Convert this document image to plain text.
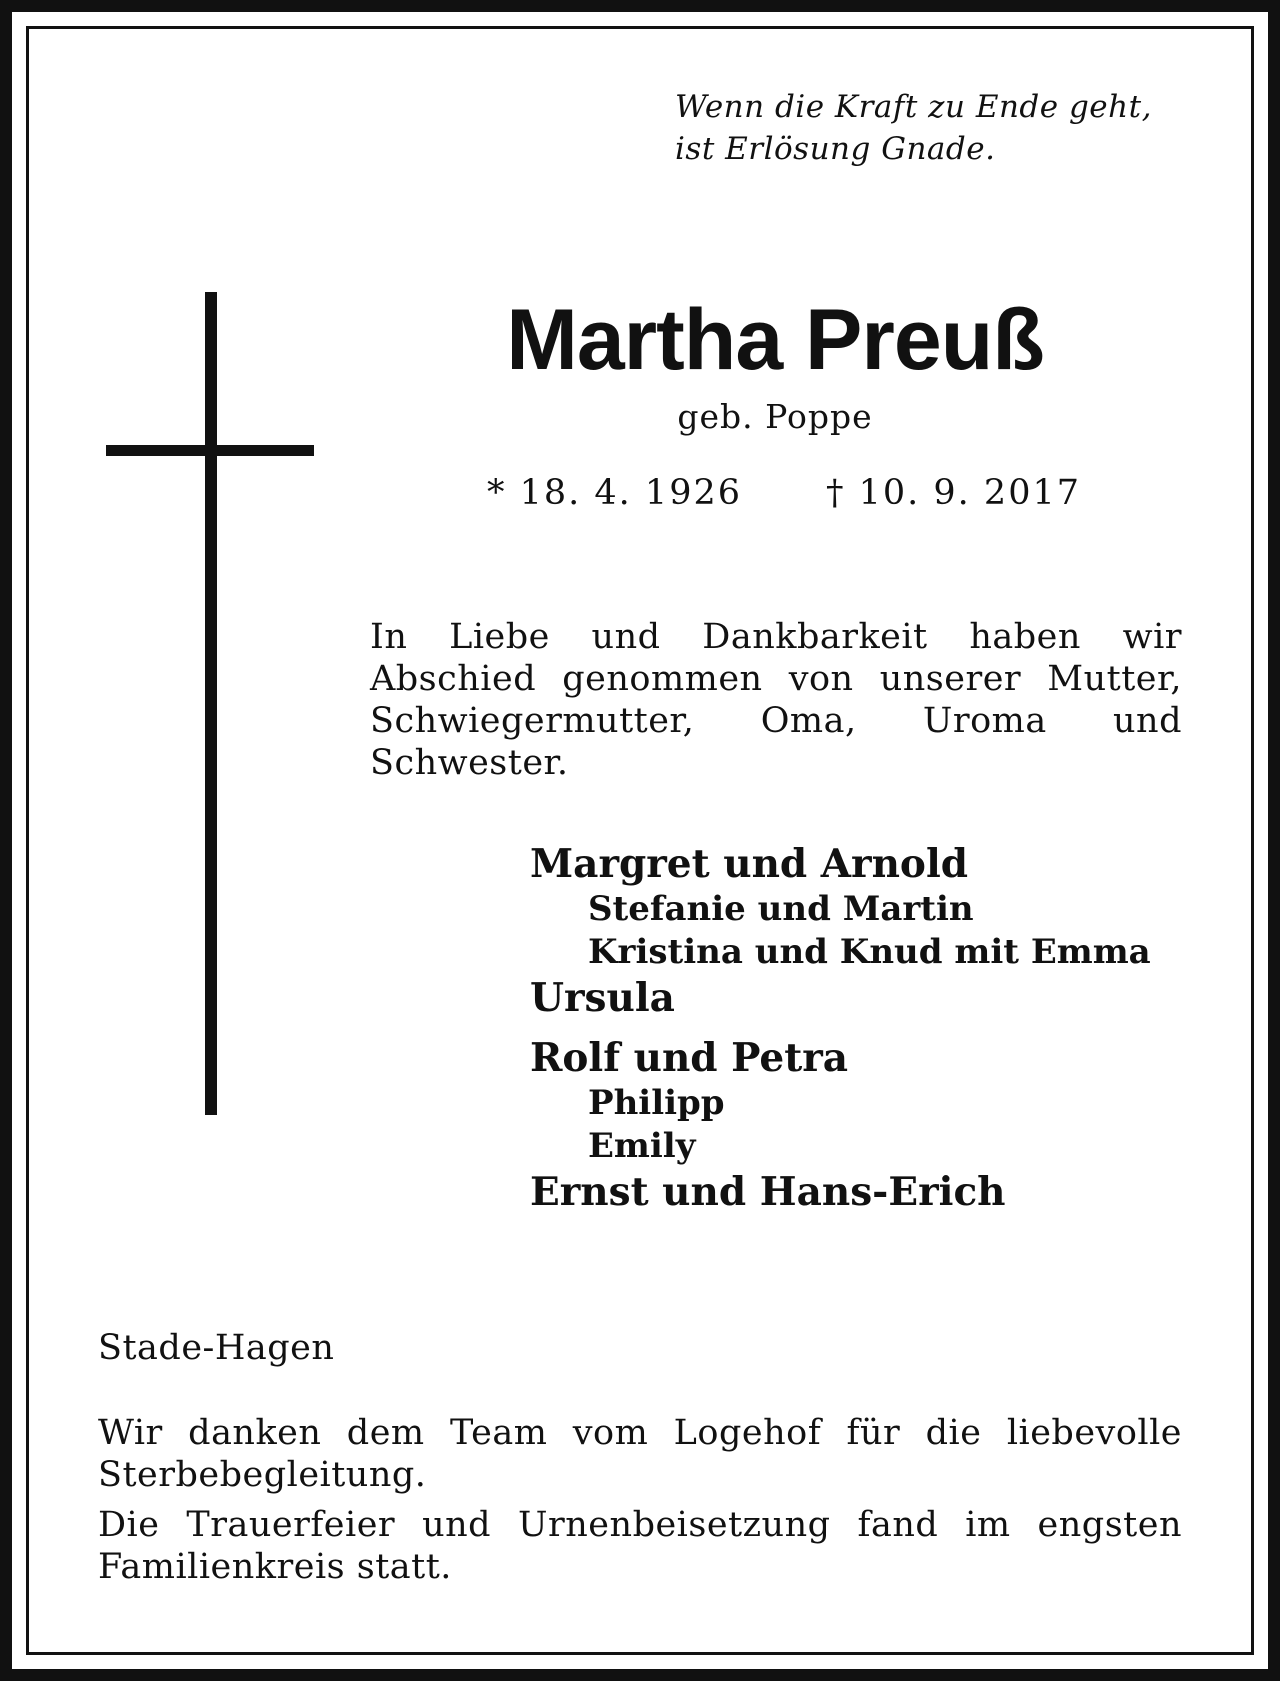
Wenn die Kraft zu Ende geht,
ist Erlösung Gnade.
Martha Preuß
geb. Poppe
* 18. 4. 1926 † 10. 9. 2017
In Liebe und Dankbarkeit haben wir Abschied genommen von unserer Mutter, Schwiegermutter, Oma, Uroma und Schwester.
Margret und Arnold
Stefanie und Martin
Kristina und Knud mit Emma
Ursula
Rolf und Petra
Philipp
Emily
Ernst und Hans-Erich
Stade-Hagen
Wir danken dem Team vom Logehof für die liebevolle Sterbebegleitung.
Die Trauerfeier und Urnenbeisetzung fand im engsten Familienkreis statt.
